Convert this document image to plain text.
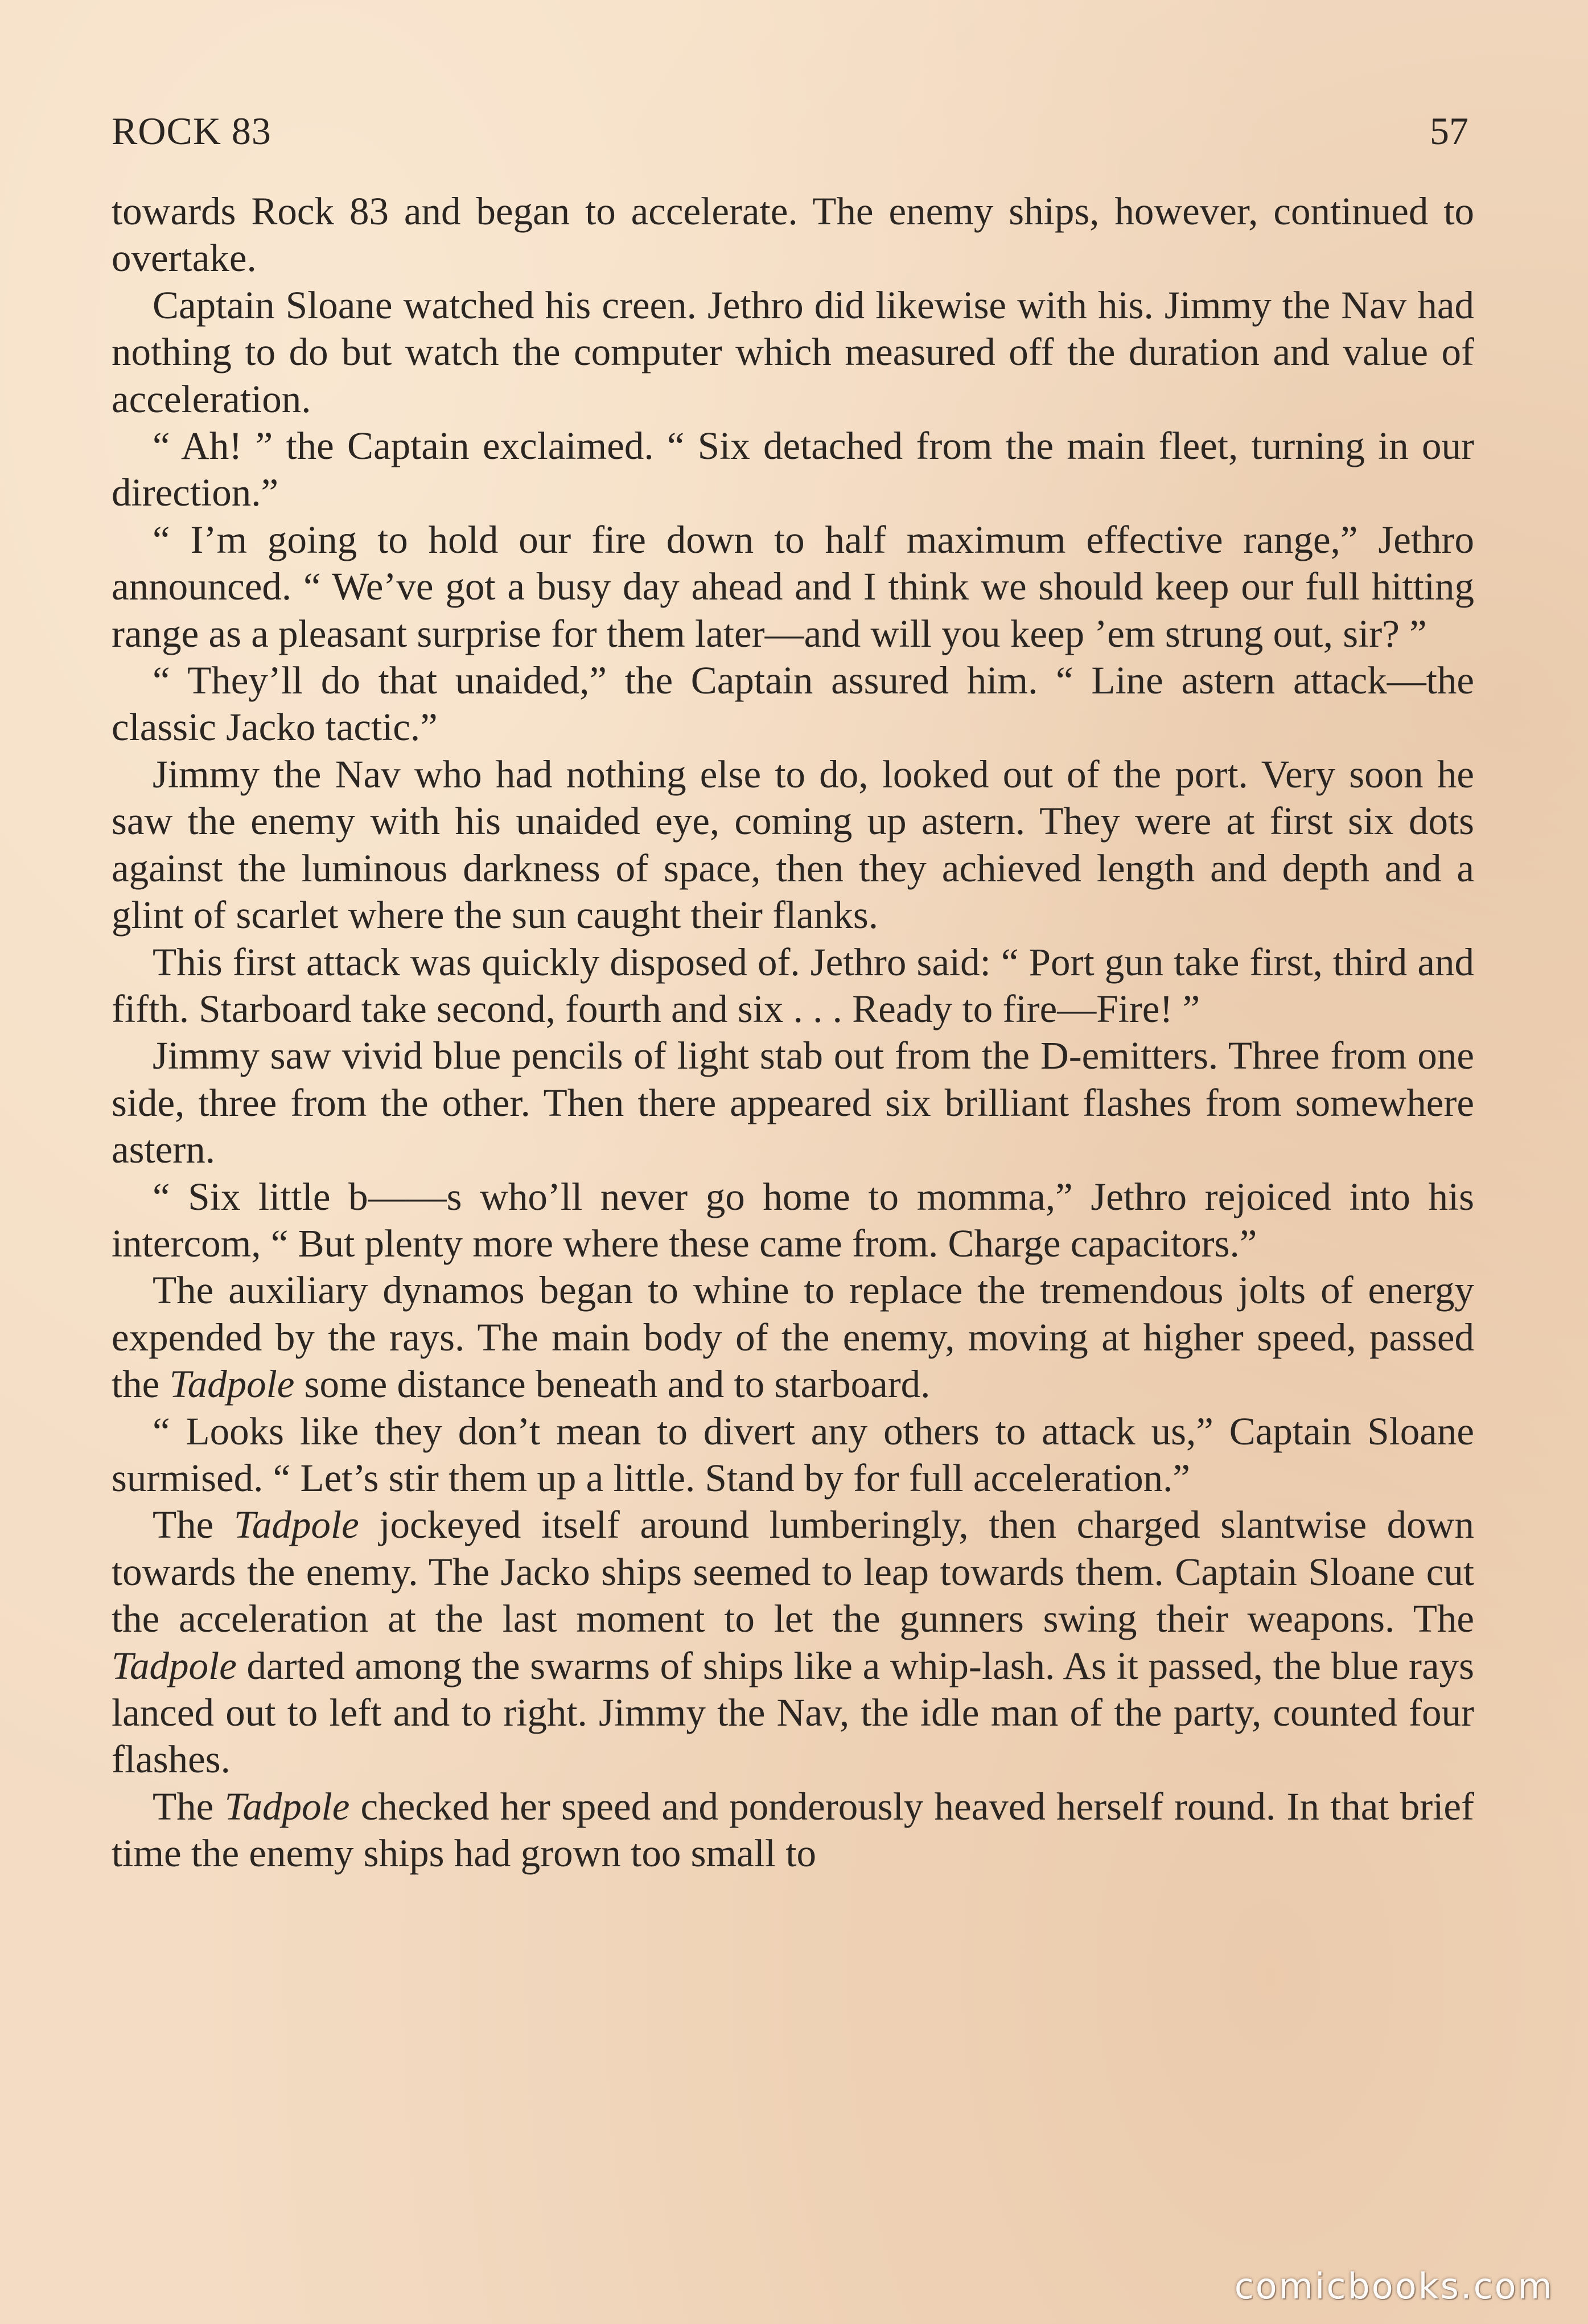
ROCK 83	57

towards Rock 83 and began to accelerate. The enemy ships, however, continued to overtake.

Captain Sloane watched his creen. Jethro did likewise with his. Jimmy the Nav had nothing to do but watch the computer which measured off the duration and value of acceleration.

“ Ah! ” the Captain exclaimed. “ Six detached from the main fleet, turning in our direction.”

“ I’m going to hold our fire down to half maximum effective range,” Jethro announced. “ We’ve got a busy day ahead and I think we should keep our full hitting range as a pleasant surprise for them later—and will you keep ’em strung out, sir? ”

“ They’ll do that unaided,” the Captain assured him. “ Line astern attack—the classic Jacko tactic.”

Jimmy the Nav who had nothing else to do, looked out of the port. Very soon he saw the enemy with his unaided eye, coming up astern. They were at first six dots against the luminous darkness of space, then they achieved length and depth and a glint of scarlet where the sun caught their flanks.

This first attack was quickly disposed of. Jethro said: “ Port gun take first, third and fifth. Starboard take second, fourth and six . . . Ready to fire—Fire! ”

Jimmy saw vivid blue pencils of light stab out from the D-emitters. Three from one side, three from the other. Then there appeared six brilliant flashes from somewhere astern.

“ Six little b——s who’ll never go home to momma,” Jethro rejoiced into his intercom, “ But plenty more where these came from. Charge capacitors.”

The auxiliary dynamos began to whine to replace the tremendous jolts of energy expended by the rays. The main body of the enemy, moving at higher speed, passed the Tadpole some distance beneath and to starboard.

“ Looks like they don’t mean to divert any others to attack us,” Captain Sloane surmised. “ Let’s stir them up a little. Stand by for full acceleration.”

The Tadpole jockeyed itself around lumberingly, then charged slantwise down towards the enemy. The Jacko ships seemed to leap towards them. Captain Sloane cut the acceleration at the last moment to let the gunners swing their weapons. The Tadpole darted among the swarms of ships like a whip-lash. As it passed, the blue rays lanced out to left and to right. Jimmy the Nav, the idle man of the party, counted four flashes.

The Tadpole checked her speed and ponderously heaved herself round. In that brief time the enemy ships had grown too small to

comicbooks.com
